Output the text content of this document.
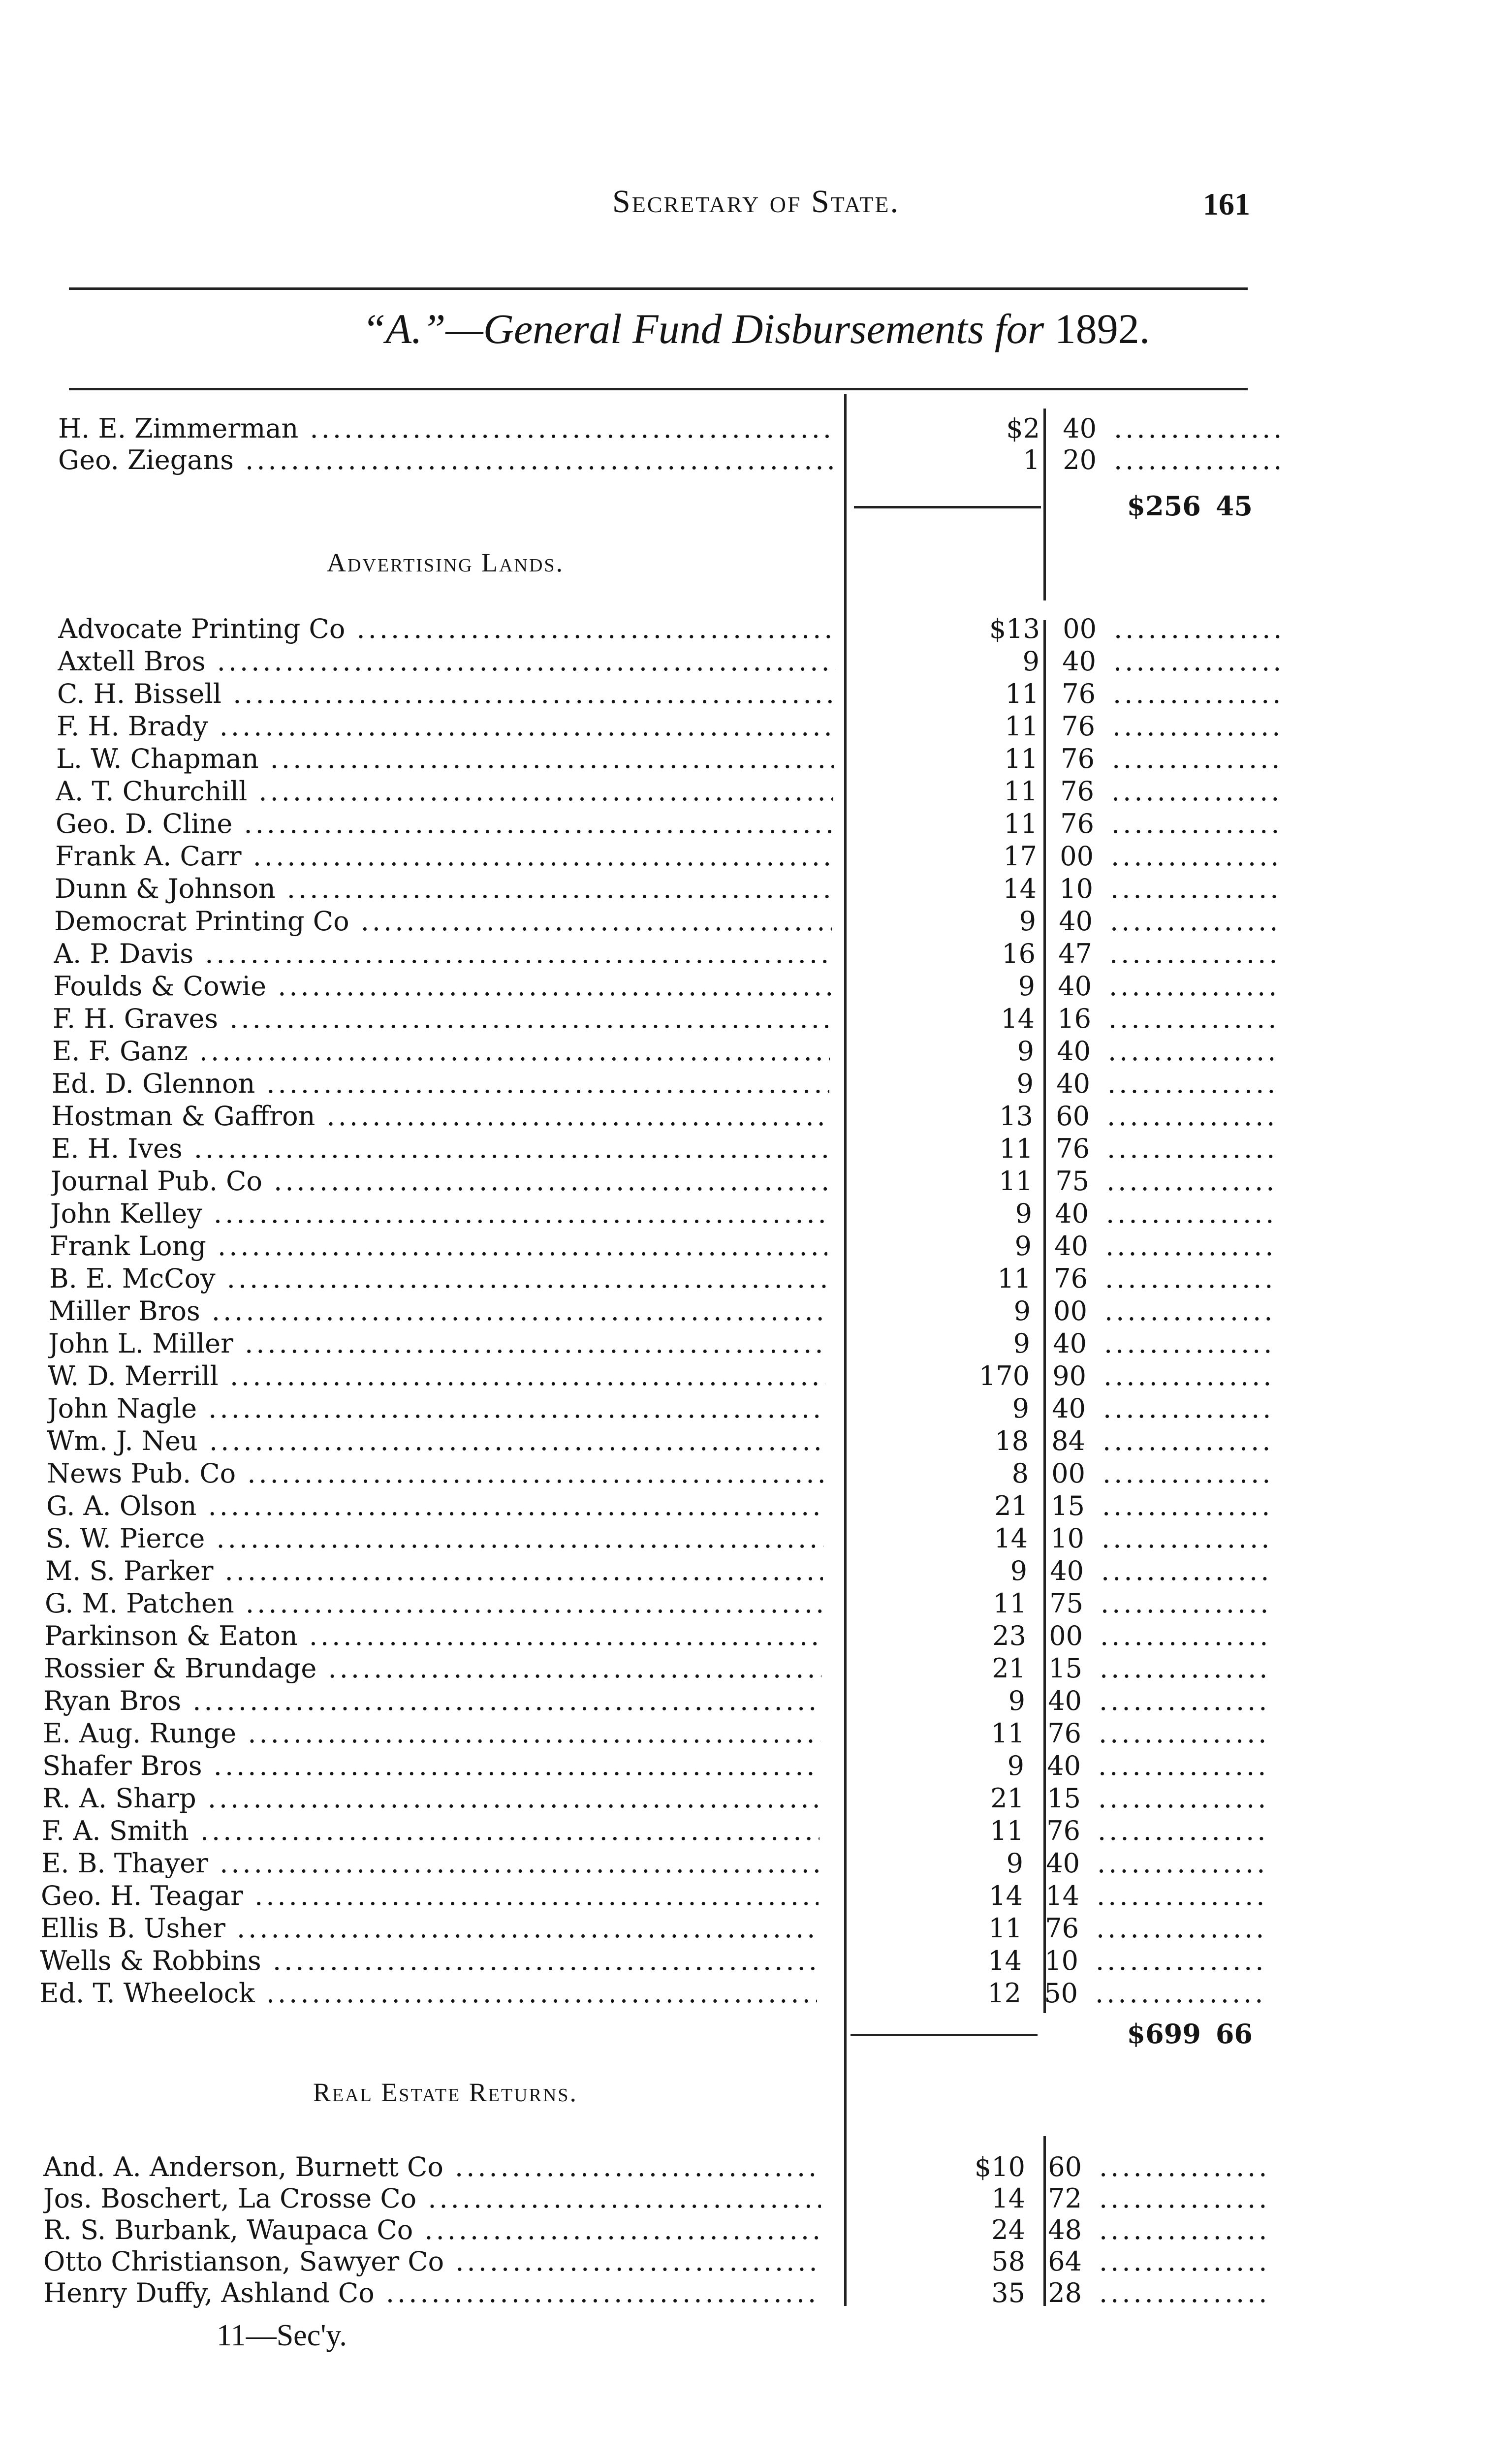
Secretary of State.	161
“A.”—General Fund Disbursements for 1892.
H. E. Zimmerman .....	$2 40 ...............
Geo. Ziegans .....	1 20 ...............
$256 45
Advertising Lands.
Advocate Printing Co .....	$13 00 ...............
Axtell Bros .....	9 40 ...............
C. H. Bissell .....	11 76 ...............
F. H. Brady .....	11 76 ...............
L. W. Chapman .....	11 76 ...............
A. T. Churchill .....	11 76 ...............
Geo. D. Cline .....	11 76 ...............
Frank A. Carr .....	17 00 ...............
Dunn & Johnson .....	14 10 ...............
Democrat Printing Co .....	9 40 ...............
A. P. Davis .....	16 47 ...............
Foulds & Cowie .....	9 40 ...............
F. H. Graves .....	14 16 ...............
E. F. Ganz .....	9 40 ...............
Ed. D. Glennon .....	9 40 ...............
Hostman & Gaffron .....	13 60 ...............
E. H. Ives .....	11 76 ...............
Journal Pub. Co .....	11 75 ...............
John Kelley .....	9 40 ...............
Frank Long .....	9 40 ...............
B. E. McCoy .....	11 76 ...............
Miller Bros .....	9 00 ...............
John L. Miller .....	9 40 ...............
W. D. Merrill .....	170 90 ...............
John Nagle .....	9 40 ...............
Wm. J. Neu .....	18 84 ...............
News Pub. Co .....	8 00 ...............
G. A. Olson .....	21 15 ...............
S. W. Pierce .....	14 10 ...............
M. S. Parker .....	9 40 ...............
G. M. Patchen .....	11 75 ...............
Parkinson & Eaton .....	23 00 ...............
Rossier & Brundage .....	21 15 ...............
Ryan Bros .....	9 40 ...............
E. Aug. Runge .....	11 76 ...............
Shafer Bros .....	9 40 ...............
R. A. Sharp .....	21 15 ...............
F. A. Smith .....	11 76 ...............
E. B. Thayer .....	9 40 ...............
Geo. H. Teagar .....	14 14 ...............
Ellis B. Usher .....	11 76 ...............
Wells & Robbins .....	14 10 ...............
Ed. T. Wheelock .....	12 50 ...............
$699 66
Real Estate Returns.
And. A. Anderson, Burnett Co .....	$10 60 ...............
Jos. Boschert, La Crosse Co .....	14 72 ...............
R. S. Burbank, Waupaca Co .....	24 48 ...............
Otto Christianson, Sawyer Co .....	58 64 ...............
Henry Duffy, Ashland Co .....	35 28 ...............
11—Sec'y.
